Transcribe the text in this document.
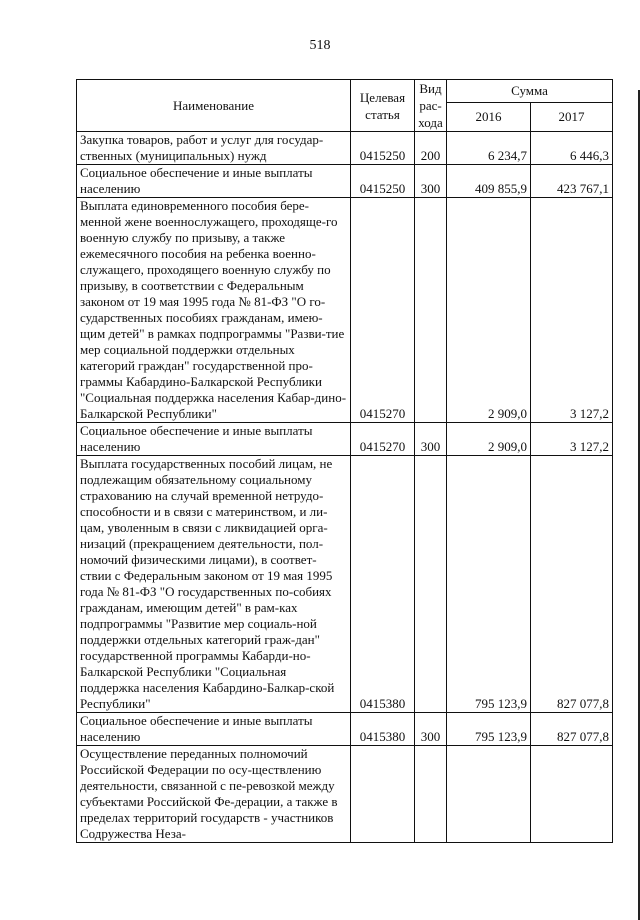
518
Наименование	Целевая статья	Вид рас-хода	Сумма	
			2016	2017
Закупка товаров, работ и услуг для государ-ственных (муниципальных) нужд	0415250	200	6 234,7	6 446,3
Социальное обеспечение и иные выплаты населению	0415250	300	409 855,9	423 767,1
Выплата единовременного пособия бере-менной жене военнослужащего, проходяще-го военную службу по призыву, а также ежемесячного пособия на ребенка военно-служащего, проходящего военную службу по призыву, в соответствии с Федеральным законом от 19 мая 1995 года № 81-ФЗ "О го-сударственных пособиях гражданам, имею-щим детей" в рамках подпрограммы "Разви-тие мер социальной поддержки отдельных категорий граждан" государственной про-граммы Кабардино-Балкарской Республики "Социальная поддержка населения Кабар-дино-Балкарской Республики"	0415270		2 909,0	3 127,2
Социальное обеспечение и иные выплаты населению	0415270	300	2 909,0	3 127,2
Выплата государственных пособий лицам, не подлежащим обязательному социальному страхованию на случай временной нетрудо-способности и в связи с материнством, и ли-цам, уволенным в связи с ликвидацией орга-низаций (прекращением деятельности, пол-номочий физическими лицами), в соответ-ствии с Федеральным законом от 19 мая 1995 года № 81-ФЗ "О государственных по-собиях гражданам, имеющим детей" в рам-ках подпрограммы "Развитие мер социаль-ной поддержки отдельных категорий граж-дан" государственной программы Кабарди-но-Балкарской Республики "Социальная поддержка населения Кабардино-Балкар-ской Республики"	0415380		795 123,9	827 077,8
Социальное обеспечение и иные выплаты населению	0415380	300	795 123,9	827 077,8
Осуществление переданных полномочий Российской Федерации по осу-ществлению деятельности, связанной с пе-ревозкой между субъектами Российской Фе-дерации, а также в пределах территорий государств - участников Содружества Неза-				
